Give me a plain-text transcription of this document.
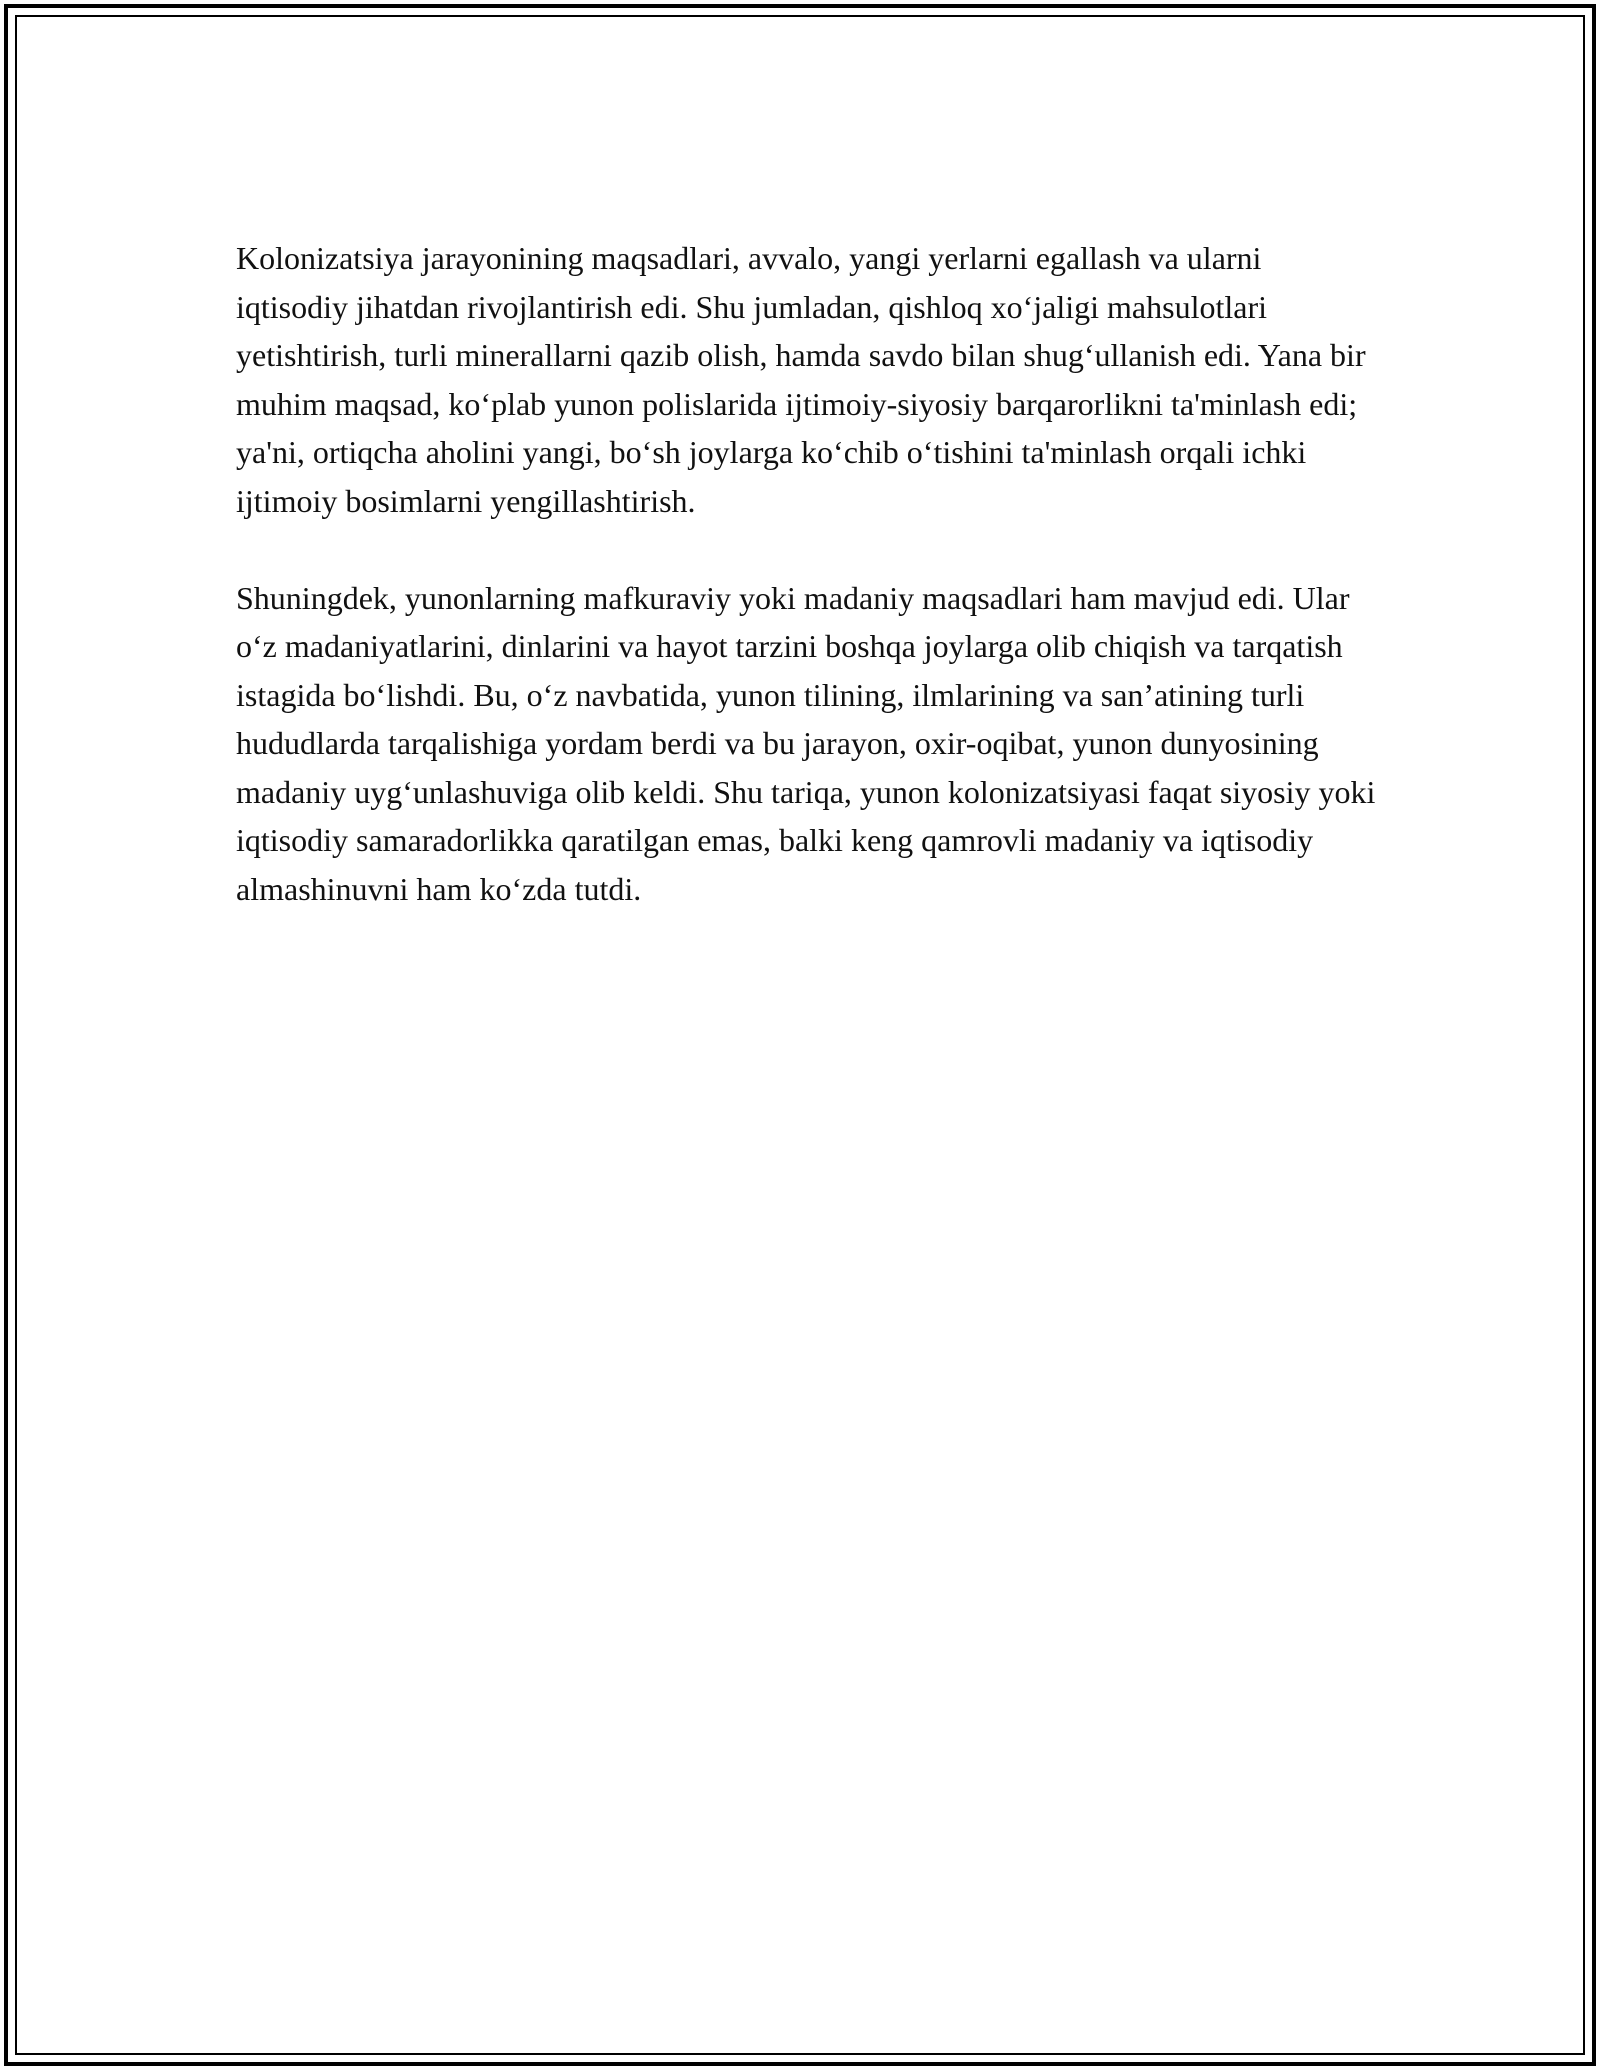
Kolonizatsiya jarayonining maqsadlari, avvalo, yangi yerlarni egallash va ularni iqtisodiy jihatdan rivojlantirish edi. Shu jumladan, qishloq xo‘jaligi mahsulotlari yetishtirish, turli minerallarni qazib olish, hamda savdo bilan shug‘ullanish edi. Yana bir muhim maqsad, ko‘plab yunon polislarida ijtimoiy-siyosiy barqarorlikni ta'minlash edi; ya'ni, ortiqcha aholini yangi, bo‘sh joylarga ko‘chib o‘tishini ta'minlash orqali ichki ijtimoiy bosimlarni yengillashtirish.

Shuningdek, yunonlarning mafkuraviy yoki madaniy maqsadlari ham mavjud edi. Ular o‘z madaniyatlarini, dinlarini va hayot tarzini boshqa joylarga olib chiqish va tarqatish istagida bo‘lishdi. Bu, o‘z navbatida, yunon tilining, ilmlarining va san’atining turli hududlarda tarqalishiga yordam berdi va bu jarayon, oxir-oqibat, yunon dunyosining madaniy uyg‘unlashuviga olib keldi. Shu tariqa, yunon kolonizatsiyasi faqat siyosiy yoki iqtisodiy samaradorlikka qaratilgan emas, balki keng qamrovli madaniy va iqtisodiy almashinuvni ham ko‘zda tutdi.
